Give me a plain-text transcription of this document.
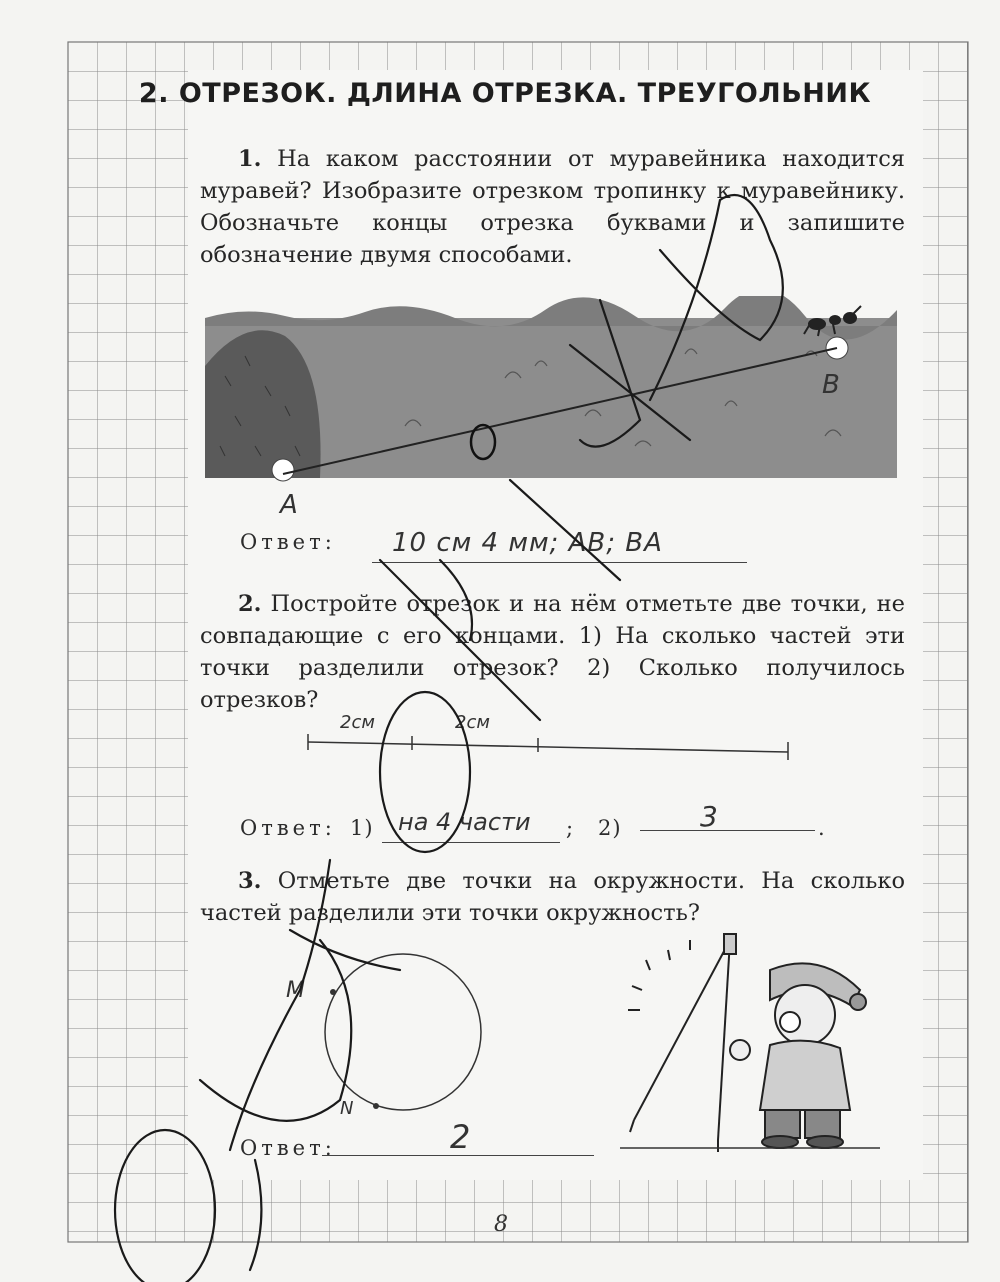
2. ОТРЕЗОК. ДЛИНА ОТРЕЗКА. ТРЕУГОЛЬНИК
1. На каком расстоянии от муравейника находится муравей? Изобразите отрезком тропинку к муравейнику. Обозначьте концы отрезка буквами и запишите обозначение двумя способами.
A
B
Ответ: 10 см 4 мм; AB; BA
2. Постройте отрезок и на нём отметьте две точки, не совпадающие с его концами. 1) На сколько частей эти точки разделили отрезок? 2) Сколько получилось отрезков?
2см	2см
Ответ: 1) на 4 части ; 2)	3	.
3. Отметьте две точки на окружности. На сколько частей разделили эти точки окружность?
M
N
Ответ:	2
8
